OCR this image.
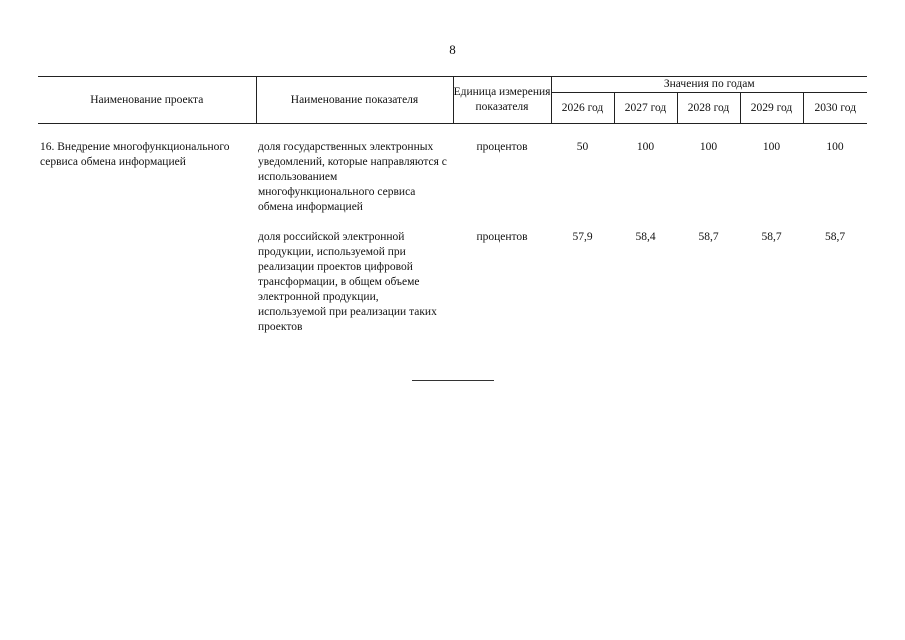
8
Наименование проекта	Наименование показателя	Единица измерения показателя	Значения по годам				
			2026 год	2027 год	2028 год	2029 год	2030 год
16. Внедрение многофункционального сервиса обмена информацией	доля государственных электронных уведомлений, которые направляются с использованием многофункционального сервиса обмена информацией	процентов	50	100	100	100	100
	доля российской электронной продукции, используемой при реализации проектов цифровой трансформации, в общем объеме электронной продукции, используемой при реализации таких проектов	процентов	57,9	58,4	58,7	58,7	58,7
